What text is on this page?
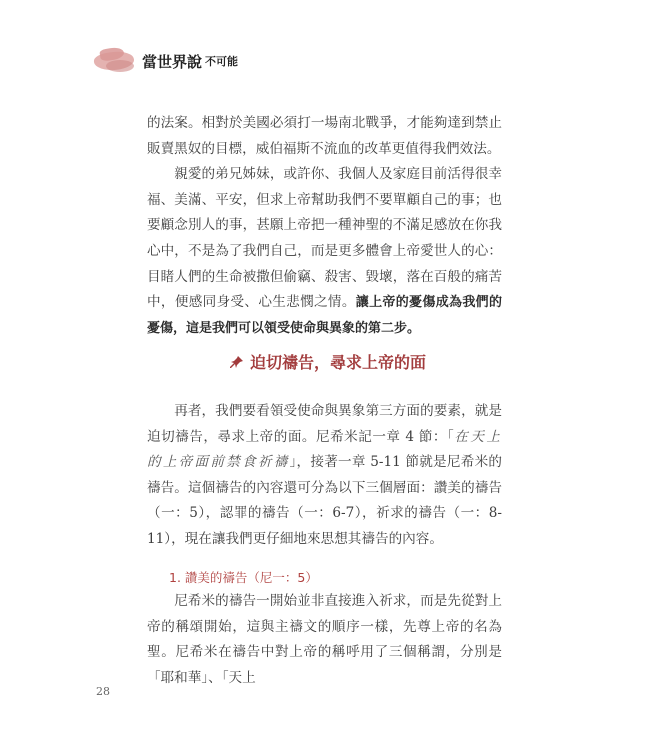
當世界說 不可能

的法案。相對於美國必須打一場南北戰爭，才能夠達到禁止販賣黑奴的目標，威伯福斯不流血的改革更值得我們效法。

親愛的弟兄姊妹，或許你、我個人及家庭目前活得很幸福、美滿、平安，但求上帝幫助我們不要單顧自己的事；也要顧念別人的事，甚願上帝把一種神聖的不滿足感放在你我心中，不是為了我們自己，而是更多體會上帝愛世人的心：目睹人們的生命被撒但偷竊、殺害、毀壞，落在百般的痛苦中，便感同身受、心生悲憫之情。讓上帝的憂傷成為我們的憂傷，這是我們可以領受使命與異象的第二步。

迫切禱告，尋求上帝的面

再者，我們要看領受使命與異象第三方面的要素，就是迫切禱告，尋求上帝的面。尼希米記一章 4 節：「在天上的上帝面前禁食祈禱」，接著一章 5-11 節就是尼希米的禱告。這個禱告的內容還可分為以下三個層面：讚美的禱告（一：5），認罪的禱告（一：6-7），祈求的禱告（一：8-11），現在讓我們更仔細地來思想其禱告的內容。

1. 讚美的禱告（尼一：5）

尼希米的禱告一開始並非直接進入祈求，而是先從對上帝的稱頌開始，這與主禱文的順序一樣，先尊上帝的名為聖。尼希米在禱告中對上帝的稱呼用了三個稱謂，分別是「耶和華」、「天上

28
